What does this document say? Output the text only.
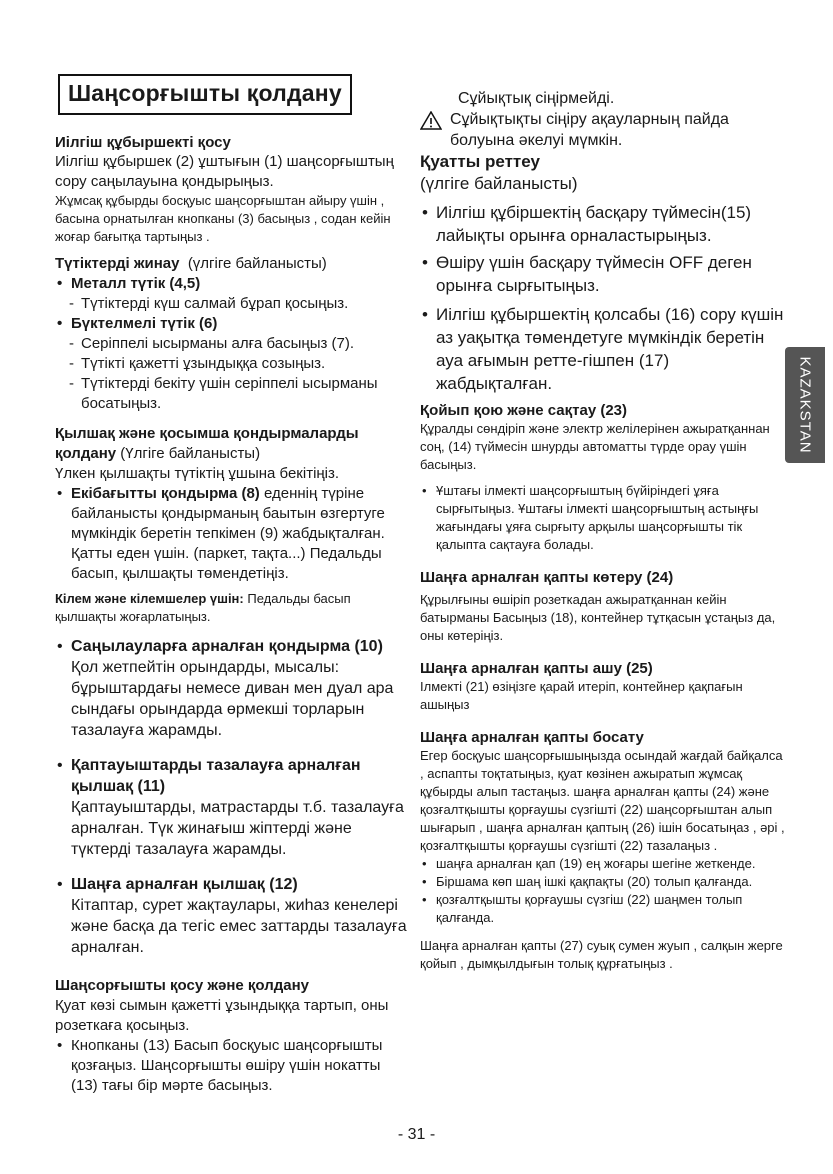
Шаңсорғышты қолдану

Иілгіш құбыршекті қосу

Иілгіш құбыршек (2) ұштығын (1) шаңсорғыштың сору саңылауына қондырыңыз.

Жұмсақ құбырды босқуыс шаңсорғыштан айыру үшін , басына орнатылған кнопканы (3) басыңыз , содан кейін жоғар бағытқа тартыңыз .

Түтіктерді жинау (үлгіге байланысты)

• Металл түтік (4,5)
- Түтіктерді күш салмай бұрап қосыңыз.
• Бүктелмелі түтік (6)
- Серіппелі ысырманы алға басыңыз (7).
- Түтікті қажетті ұзындыққа созыңыз.
- Түтіктерді бекіту үшін серіппелі ысырманы босатыңыз.

Қылшақ және қосымша қондырмаларды қолдану (Үлгіге байланысты)

Үлкен қылшақты түтіктің ұшына бекітіңіз.

• Екібағытты қондырма (8) еденнің түріне байланысты қондырманың баытын өзгертуге мүмкіндік беретін тепкімен (9) жабдықталған. Қатты еден үшін. (паркет, тақта...) Педальды басып, қылшақты төмендетіңіз.

Кілем және кілемшелер үшін: Педальды басып қылшақты жоғарлатыңыз.

• Саңылауларға арналған қондырма (10)
Қол жетпейтін орындарды, мысалы: бұрыштардағы немесе диван мен дуал ара сындағы орындарда өрмекші торларын тазалауға жарамды.
• Қаптауыштарды тазалауға арналған қылшақ (11)
Қаптауыштарды, матрастарды т.б. тазалауға арналған. Түк жинағыш жіптерді және түктерді тазалауға жарамды.
• Шаңға арналған қылшақ (12)
Кітаптар, сурет жақтаулары, жиһаз кенелері және басқа да тегіс емес заттарды тазалауға арналған.

Шаңсорғышты қосу және қолдану

Қуат көзі сымын қажетті ұзындыққа тартып, оны розеткаға қосыңыз.

• Кнопканы (13) Басып босқуыс шаңсорғышты қозғаңыз. Шаңсорғышты өшіру үшін нокатты (13) тағы бір мәрте басыңыз.

Сұйықтық сіңірмейді.

Сұйықтықты сіңіру ақауларның пайда болуына әкелуі мүмкін.

Қуатты реттеу

(үлгіге байланысты)

• Иілгіш құбіршектің басқару түймесін(15) лайықты орынға орналастырыңыз.
• Өшіру үшін басқару түймесін OFF деген орынға сырғытыңыз.
• Иілгіш құбыршектің қолсабы (16) сору күшін аз уақытқа төмендетуге мүмкіндік беретін ауа ағымын ретте-гішпен (17) жабдықталған.

Қойып қою және сақтау (23)

Құралды сөндіріп және электр желілерінен ажыратқаннан соң, (14) түймесін шнурды автоматты түрде орау үшін басыңыз.

• Ұштағы ілмекті шаңсорғыштың бүйіріндегі ұяға сырғытыңыз. Ұштағы ілмекті шаңсорғыштың астыңғы жағындағы ұяға сырғыту арқылы шаңсорғышты тік қалыпта сақтауға болады.

Шаңға арналған қапты көтеру (24)

Құрылғыны өшіріп розеткадан ажыратқаннан кейін батырманы Басыңыз (18), контейнер тұтқасын ұстаңыз да, оны көтеріңіз.

Шаңға арналған қапты ашу (25)

Ілмекті (21) өзіңізге қарай итеріп, контейнер қақпағын ашыңыз

Шаңға арналған қапты босату

Егер босқуыс шаңсорғышыңызда осындай жағдай байқалса , аспапты тоқтатыңыз, қуат көзінен ажыратып жұмсақ құбырды алып тастаңыз. шаңға арналған қапты (24) және қозғалтқышты қорғаушы сүзгішті (22) шаңсорғыштан алып шығарып , шаңға арналған қаптың (26) ішін босатыңаз , әрі , қозғалтқышты қорғаушы сүзгішті (22) тазалаңыз .

• шаңға арналған қап (19) ең жоғары шегіне жеткенде.
• Біршама көп шаң ішкі қақпақты (20) толып қалғанда.
• қозғалтқышты қорғаушы сүзгіш (22) шаңмен толып қалғанда.

Шаңға арналған қапты (27) суық сумен жуып , салқын жерге қойып , дымқылдығын толық құрғатыңыз .

KAZAKSTAN
- 31 -
